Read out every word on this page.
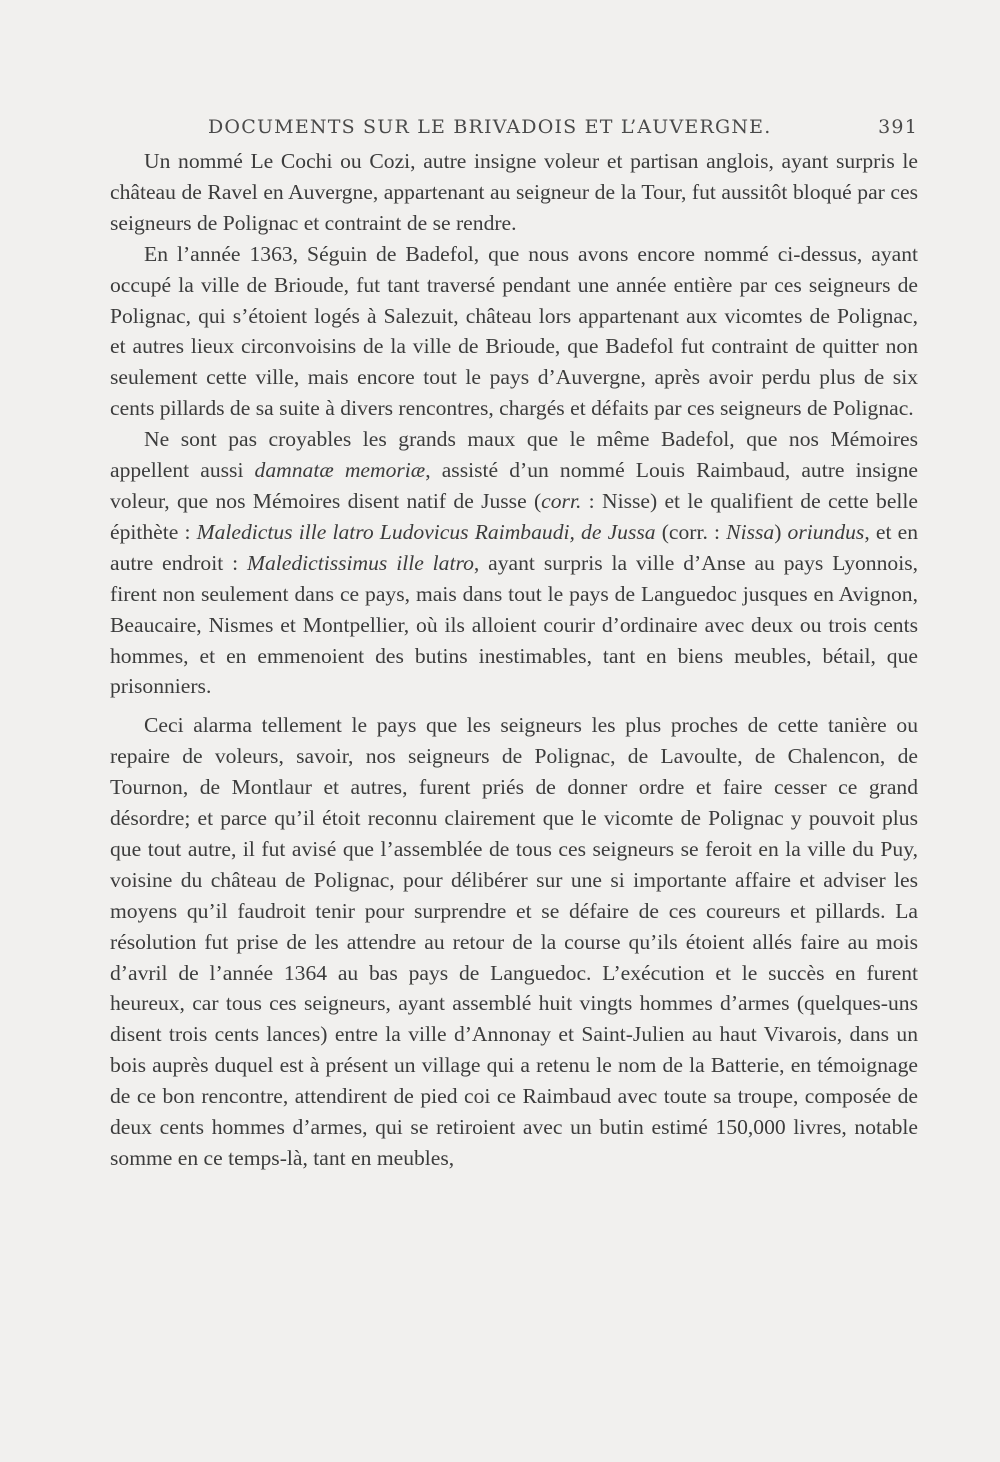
DOCUMENTS SUR LE BRIVADOIS ET L’AUVERGNE.	391

Un nommé Le Cochi ou Cozi, autre insigne voleur et partisan anglois, ayant surpris le château de Ravel en Auvergne, appartenant au seigneur de la Tour, fut aussitôt bloqué par ces seigneurs de Polignac et contraint de se rendre.

En l’année 1363, Séguin de Badefol, que nous avons encore nommé ci-dessus, ayant occupé la ville de Brioude, fut tant traversé pendant une année entière par ces seigneurs de Polignac, qui s’étoient logés à Salezuit, château lors appartenant aux vicomtes de Polignac, et autres lieux circonvoisins de la ville de Brioude, que Badefol fut contraint de quitter non seulement cette ville, mais encore tout le pays d’Auvergne, après avoir perdu plus de six cents pillards de sa suite à divers rencontres, chargés et défaits par ces seigneurs de Polignac.

Ne sont pas croyables les grands maux que le même Badefol, que nos Mémoires appellent aussi damnatæ memoriæ, assisté d’un nommé Louis Raimbaud, autre insigne voleur, que nos Mémoires disent natif de Jusse (corr. : Nisse) et le qualifient de cette belle épithète : Maledictus ille latro Ludovicus Raimbaudi, de Jussa (corr. : Nissa) oriundus, et en autre endroit : Maledictissimus ille latro, ayant surpris la ville d’Anse au pays Lyonnois, firent non seulement dans ce pays, mais dans tout le pays de Languedoc jusques en Avignon, Beaucaire, Nismes et Montpellier, où ils alloient courir d’ordinaire avec deux ou trois cents hommes, et en emmenoient des butins inestimables, tant en biens meubles, bétail, que prisonniers.

Ceci alarma tellement le pays que les seigneurs les plus proches de cette tanière ou repaire de voleurs, savoir, nos seigneurs de Polignac, de Lavoulte, de Chalencon, de Tournon, de Montlaur et autres, furent priés de donner ordre et faire cesser ce grand désordre; et parce qu’il étoit reconnu clairement que le vicomte de Polignac y pouvoit plus que tout autre, il fut avisé que l’assemblée de tous ces seigneurs se feroit en la ville du Puy, voisine du château de Polignac, pour délibérer sur une si importante affaire et adviser les moyens qu’il faudroit tenir pour surprendre et se défaire de ces coureurs et pillards. La résolution fut prise de les attendre au retour de la course qu’ils étoient allés faire au mois d’avril de l’année 1364 au bas pays de Languedoc. L’exécution et le succès en furent heureux, car tous ces seigneurs, ayant assemblé huit vingts hommes d’armes (quelques-uns disent trois cents lances) entre la ville d’Annonay et Saint-Julien au haut Vivarois, dans un bois auprès duquel est à présent un village qui a retenu le nom de la Batterie, en témoignage de ce bon rencontre, attendirent de pied coi ce Raimbaud avec toute sa troupe, composée de deux cents hommes d’armes, qui se retiroient avec un butin estimé 150,000 livres, notable somme en ce temps-là, tant en meubles,
